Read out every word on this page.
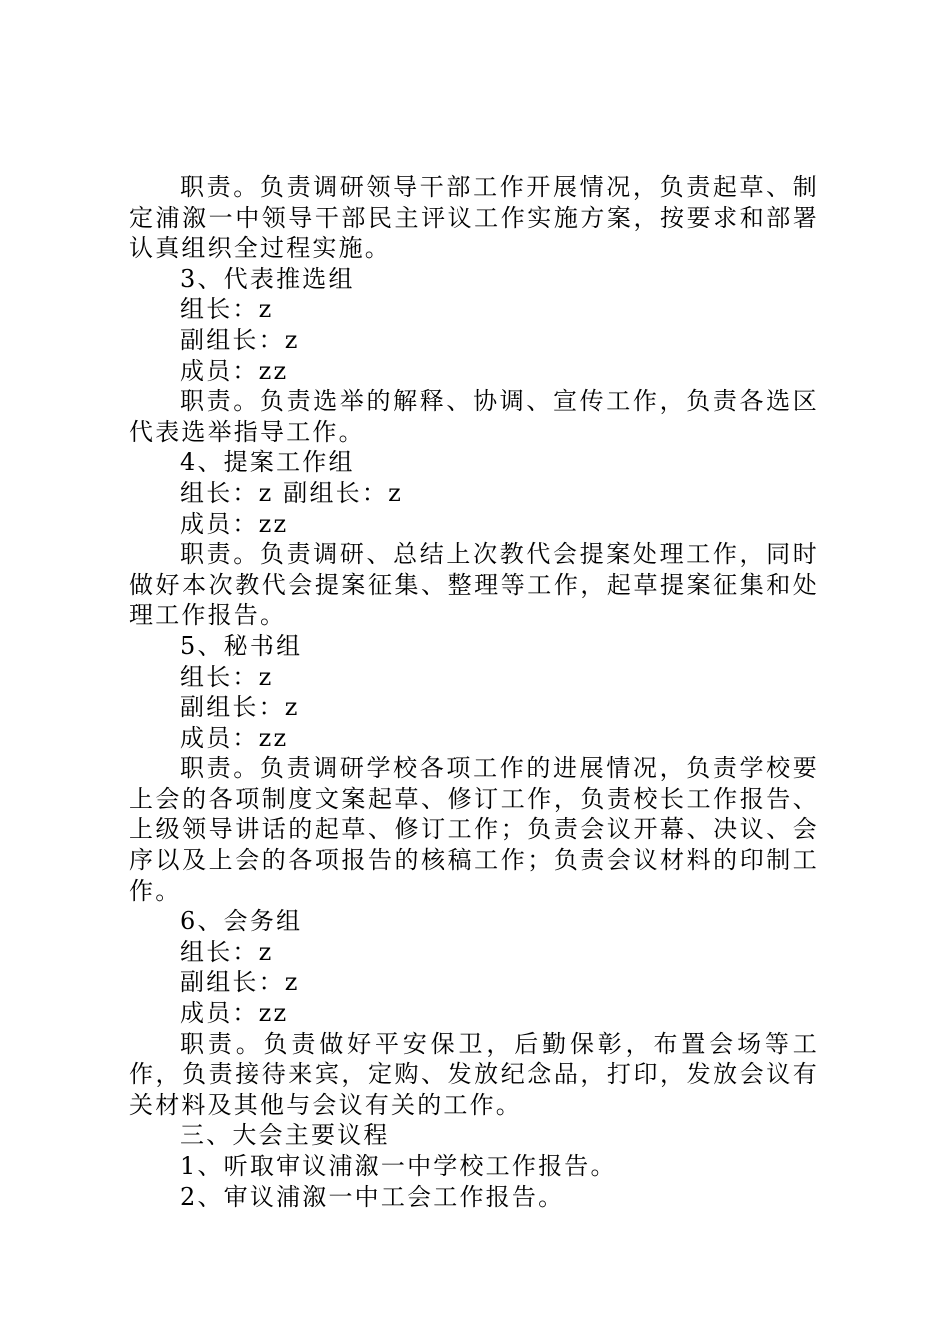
职责。负责调研领导干部工作开展情况，负责起草、制定浦溆一中领导干部民主评议工作实施方案，按要求和部署认真组织全过程实施。

3、代表推选组

组长：z

副组长：z

成员：zz

职责。负责选举的解释、协调、宣传工作，负责各选区代表选举指导工作。

4、提案工作组

组长：z 副组长：z

成员：zz

职责。负责调研、总结上次教代会提案处理工作，同时做好本次教代会提案征集、整理等工作，起草提案征集和处理工作报告。

5、秘书组

组长：z

副组长：z

成员：zz

职责。负责调研学校各项工作的进展情况，负责学校要上会的各项制度文案起草、修订工作，负责校长工作报告、上级领导讲话的起草、修订工作；负责会议开幕、决议、会序以及上会的各项报告的核稿工作；负责会议材料的印制工作。

6、会务组

组长：z

副组长：z

成员：zz

职责。负责做好平安保卫，后勤保彰，布置会场等工作，负责接待来宾，定购、发放纪念品，打印，发放会议有关材料及其他与会议有关的工作。

三、大会主要议程

1、听取审议浦溆一中学校工作报告。

2、审议浦溆一中工会工作报告。
